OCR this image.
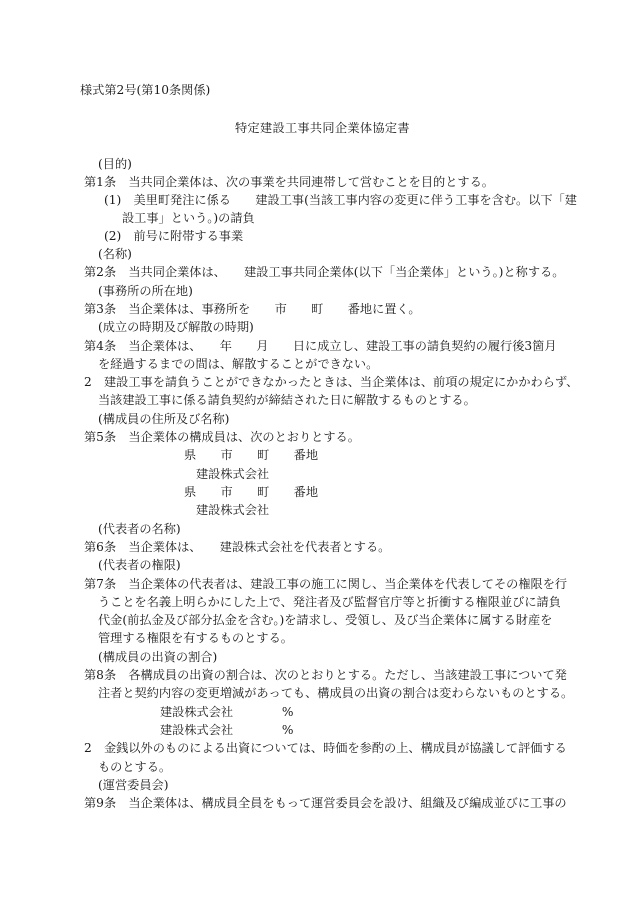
様式第2号(第10条関係)
特定建設工事共同企業体協定書
(目的)
第1条　当共同企業体は、次の事業を共同連帯して営むことを目的とする。
(1)　美里町発注に係る　　建設工事(当該工事内容の変更に伴う工事を含む。以下「建
設工事」という。)の請負
(2)　前号に附帯する事業
(名称)
第2条　当共同企業体は、　　建設工事共同企業体(以下「当企業体」という。)と称する。
(事務所の所在地)
第3条　当企業体は、事務所を　　市　　町　　番地に置く。
(成立の時期及び解散の時期)
第4条　当企業体は、　　年　　月　　日に成立し、建設工事の請負契約の履行後3箇月
を経過するまでの間は、解散することができない。
2　建設工事を請負うことができなかったときは、当企業体は、前項の規定にかかわらず、
当該建設工事に係る請負契約が締結された日に解散するものとする。
(構成員の住所及び名称)
第5条　当企業体の構成員は、次のとおりとする。
県　　市　　町　　番地
建設株式会社
県　　市　　町　　番地
建設株式会社
(代表者の名称)
第6条　当企業体は、　　建設株式会社を代表者とする。
(代表者の権限)
第7条　当企業体の代表者は、建設工事の施工に関し、当企業体を代表してその権限を行
うことを名義上明らかにした上で、発注者及び監督官庁等と折衝する権限並びに請負
代金(前払金及び部分払金を含む。)を請求し、受領し、及び当企業体に属する財産を
管理する権限を有するものとする。
(構成員の出資の割合)
第8条　各構成員の出資の割合は、次のとおりとする。ただし、当該建設工事について発
注者と契約内容の変更増減があっても、構成員の出資の割合は変わらないものとする。
建設株式会社　　　　%
建設株式会社　　　　%
2　金銭以外のものによる出資については、時価を参酌の上、構成員が協議して評価する
ものとする。
(運営委員会)
第9条　当企業体は、構成員全員をもって運営委員会を設け、組織及び編成並びに工事の
